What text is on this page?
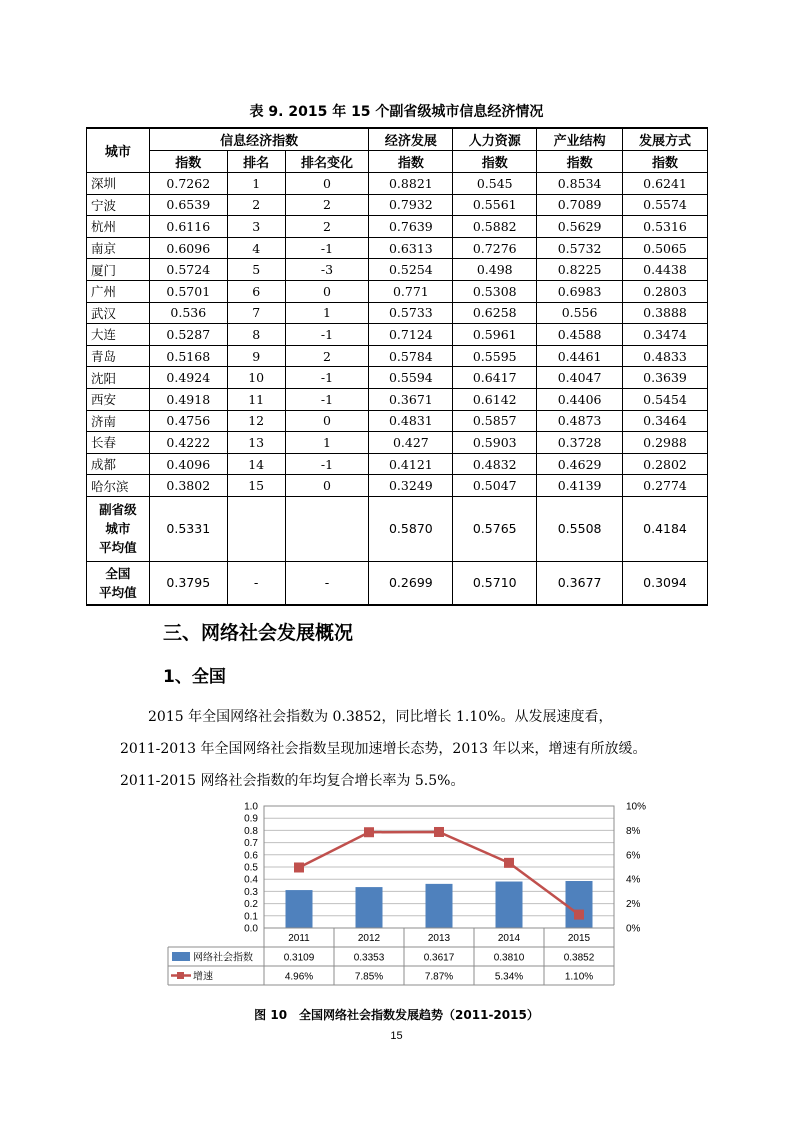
表 9. 2015 年 15 个副省级城市信息经济情况
城市	信息经济指数			经济发展	人力资源	产业结构	发展方式
	指数	排名	排名变化	指数	指数	指数	指数
深圳	0.7262	1	0	0.8821	0.545	0.8534	0.6241
宁波	0.6539	2	2	0.7932	0.5561	0.7089	0.5574
杭州	0.6116	3	2	0.7639	0.5882	0.5629	0.5316
南京	0.6096	4	-1	0.6313	0.7276	0.5732	0.5065
厦门	0.5724	5	-3	0.5254	0.498	0.8225	0.4438
广州	0.5701	6	0	0.771	0.5308	0.6983	0.2803
武汉	0.536	7	1	0.5733	0.6258	0.556	0.3888
大连	0.5287	8	-1	0.7124	0.5961	0.4588	0.3474
青岛	0.5168	9	2	0.5784	0.5595	0.4461	0.4833
沈阳	0.4924	10	-1	0.5594	0.6417	0.4047	0.3639
西安	0.4918	11	-1	0.3671	0.6142	0.4406	0.5454
济南	0.4756	12	0	0.4831	0.5857	0.4873	0.3464
长春	0.4222	13	1	0.427	0.5903	0.3728	0.2988
成都	0.4096	14	-1	0.4121	0.4832	0.4629	0.2802
哈尔滨	0.3802	15	0	0.3249	0.5047	0.4139	0.2774
副省级
城市
平均值	0.5331			0.5870	0.5765	0.5508	0.4184
全国
平均值	0.3795	-	-	0.2699	0.5710	0.3677	0.3094
三、网络社会发展概况
1、全国

2015 年全国网络社会指数为 0.3852，同比增长 1.10%。从发展速度看，

2011-2013 年全国网络社会指数呈现加速增长态势，2013 年以来，增速有所放缓。

2011-2015 网络社会指数的年均复合增长率为 5.5%。

0.0
0.1
0.2
0.3
0.4
0.5
0.6
0.7
0.8
0.9
1.0
0%
2%
4%
6%
8%
10%
2011	2012	2013	2014	2015
网络社会指数
增速
0.3109	0.3353	0.3617	0.3810	0.3852
4.96%	7.85%	7.87%	5.34%	1.10%
图 10　全国网络社会指数发展趋势（2011-2015）
15
